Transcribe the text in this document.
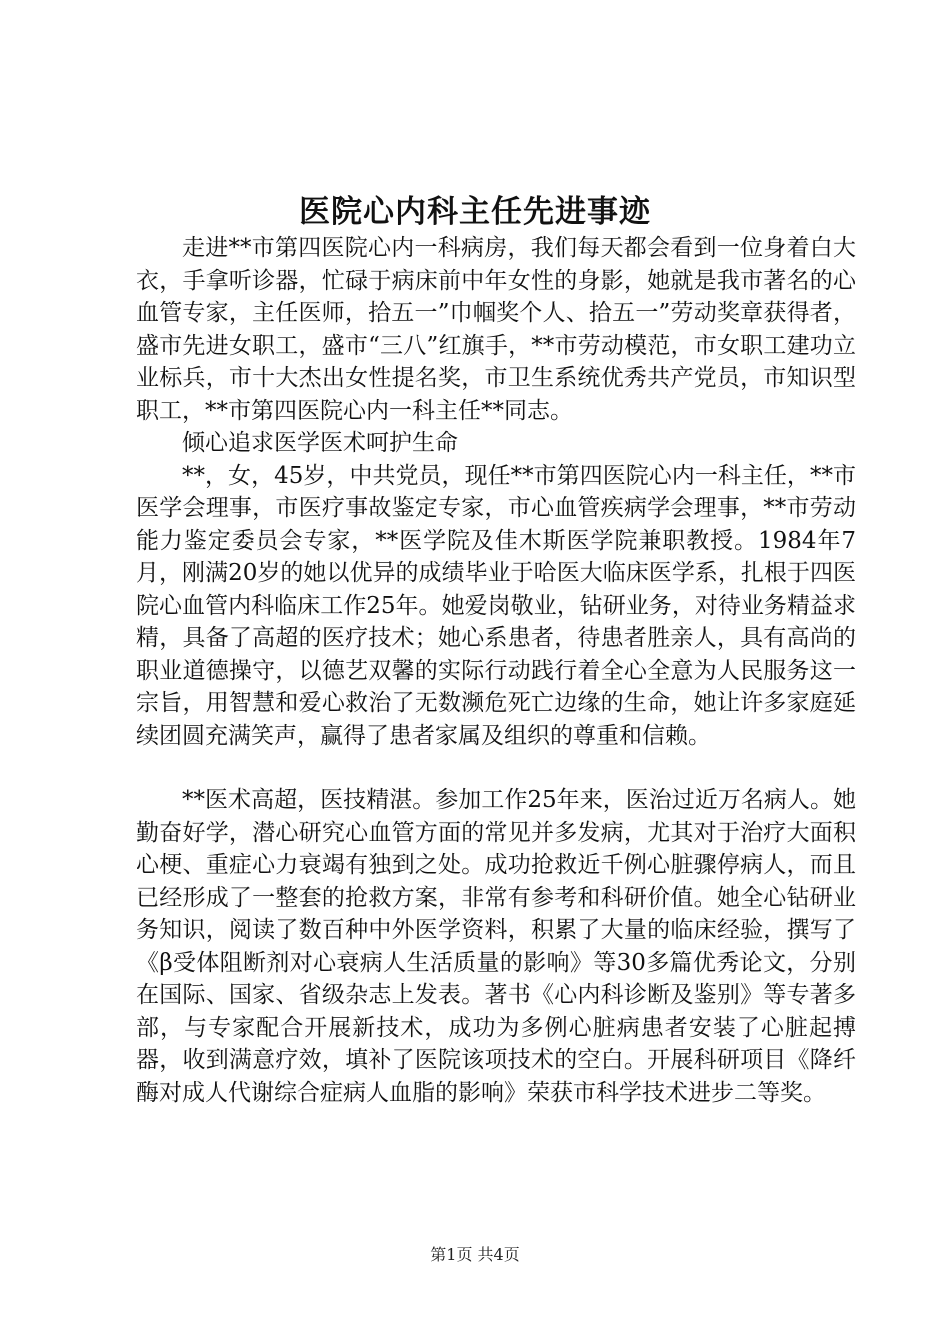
医院心内科主任先进事迹

走进**市第四医院心内一科病房，我们每天都会看到一位身着白大衣，手拿听诊器，忙碌于病床前中年女性的身影，她就是我市著名的心血管专家，主任医师，拾五一”巾帼奖个人、拾五一”劳动奖章获得者，盛市先进女职工，盛市“三八”红旗手，**市劳动模范，市女职工建功立业标兵，市十大杰出女性提名奖，市卫生系统优秀共产党员，市知识型职工，**市第四医院心内一科主任**同志。

倾心追求医学医术呵护生命

**，女，45岁，中共党员，现任**市第四医院心内一科主任，**市医学会理事，市医疗事故鉴定专家，市心血管疾病学会理事，**市劳动能力鉴定委员会专家，**医学院及佳木斯医学院兼职教授。1984年7月，刚满20岁的她以优异的成绩毕业于哈医大临床医学系，扎根于四医院心血管内科临床工作25年。她爱岗敬业，钻研业务，对待业务精益求精，具备了高超的医疗技术；她心系患者，待患者胜亲人，具有高尚的职业道德操守，以德艺双馨的实际行动践行着全心全意为人民服务这一宗旨，用智慧和爱心救治了无数濒危死亡边缘的生命，她让许多家庭延续团圆充满笑声，赢得了患者家属及组织的尊重和信赖。

**医术高超，医技精湛。参加工作25年来，医治过近万名病人。她勤奋好学，潜心研究心血管方面的常见并多发病，尤其对于治疗大面积心梗、重症心力衰竭有独到之处。成功抢救近千例心脏骤停病人，而且已经形成了一整套的抢救方案，非常有参考和科研价值。她全心钻研业务知识，阅读了数百种中外医学资料，积累了大量的临床经验，撰写了《β受体阻断剂对心衰病人生活质量的影响》等30多篇优秀论文，分别在国际、国家、省级杂志上发表。著书《心内科诊断及鉴别》等专著多部，与专家配合开展新技术，成功为多例心脏病患者安装了心脏起搏器，收到满意疗效，填补了医院该项技术的空白。开展科研项目《降纤酶对成人代谢综合症病人血脂的影响》荣获市科学技术进步二等奖。

第1页 共4页
